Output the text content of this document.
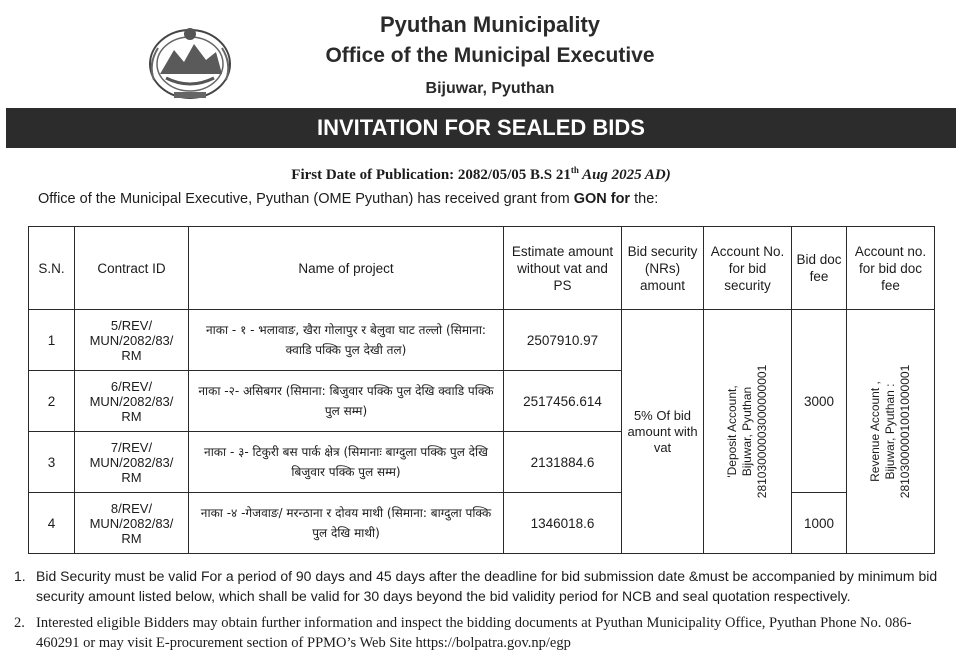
Pyuthan Municipality
Office of the Municipal Executive
Bijuwar, Pyuthan
INVITATION FOR SEALED BIDS
First Date of Publication: 2082/05/05 B.S 21th Aug 2025 AD)
Office of the Municipal Executive, Pyuthan (OME Pyuthan) has received grant from GON for the:
S.N.	Contract ID	Name of project	Estimate amount without vat and PS	Bid security (NRs) amount	Account No. for bid security	Bid doc fee	Account no. for bid doc fee
1	5/REV/ MUN/2082/83/ RM	नाका - १ - भलावाङ, खैरा गोलापुर र बेलुवा घाट तल्लो (सिमाना: क्वाडि पक्कि पुल देखी तल)	2507910.97	5% Of bid amount with vat	'Deposit Account, Bijuwar, Pyuthan 28103000003000000001	3000	Revenue Account , Bijuwar, Pyuthan : 28103000001001000001

2	6/REV/ MUN/2082/83/ RM	नाका -२- असिबगर (सिमाना: बिजुवार पक्कि पुल देखि क्वाडि पक्कि पुल सम्म)	2517456.614				
3	7/REV/ MUN/2082/83/ RM	नाका - ३- टिकुरी बस पार्क क्षेत्र (सिमानाः बाग्दुला पक्कि पुल देखि बिजुवार पक्कि पुल सम्म)	2131884.6				
4	8/REV/ MUN/2082/83/ RM	नाका -४ -गेजवाङ/ मरन्ठाना र दोवय माथी (सिमाना: बाग्दुला पक्कि पुल देखि माथी)	1346018.6			1000	
1. Bid Security must be valid For a period of 90 days and 45 days after the deadline for bid submission date &must be accompanied by minimum bid security amount listed below, which shall be valid for 30 days beyond the bid validity period for NCB and seal quotation respectively.
2. Interested eligible Bidders may obtain further information and inspect the bidding documents at Pyuthan Municipality Office, Pyuthan Phone No. 086-460291 or may visit E-procurement section of PPMO’s Web Site https://bolpatra.gov.np/egp
